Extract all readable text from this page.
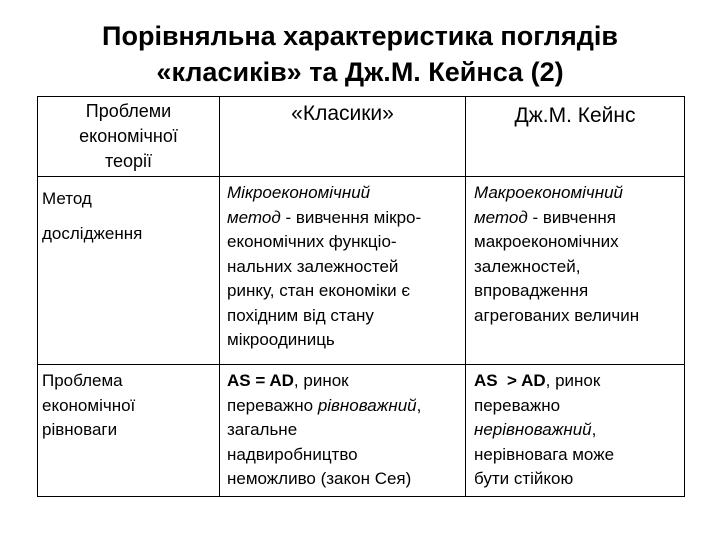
Порівняльна характеристика поглядів
«класиків» та Дж.М. Кейнса (2)
Проблеми
економічної
теорії
«Класики»	Дж.М. Кейнс
Метод
дослідження
Мікроекономічний
метод - вивчення мікро-
економічних функціо-
нальних залежностей
ринку, стан економіки є
похідним від стану
мікроодиниць
Макроекономічний
метод - вивчення
макроекономічних
залежностей,
впровадження
агрегованих величин
Проблема
економічної
рівноваги
AS = AD, ринок
переважно рівноважний,
загальне
надвиробництво
неможливо (закон Сея)
AS  > AD, ринок
переважно
нерівноважний,
нерівновага може
бути стійкою
